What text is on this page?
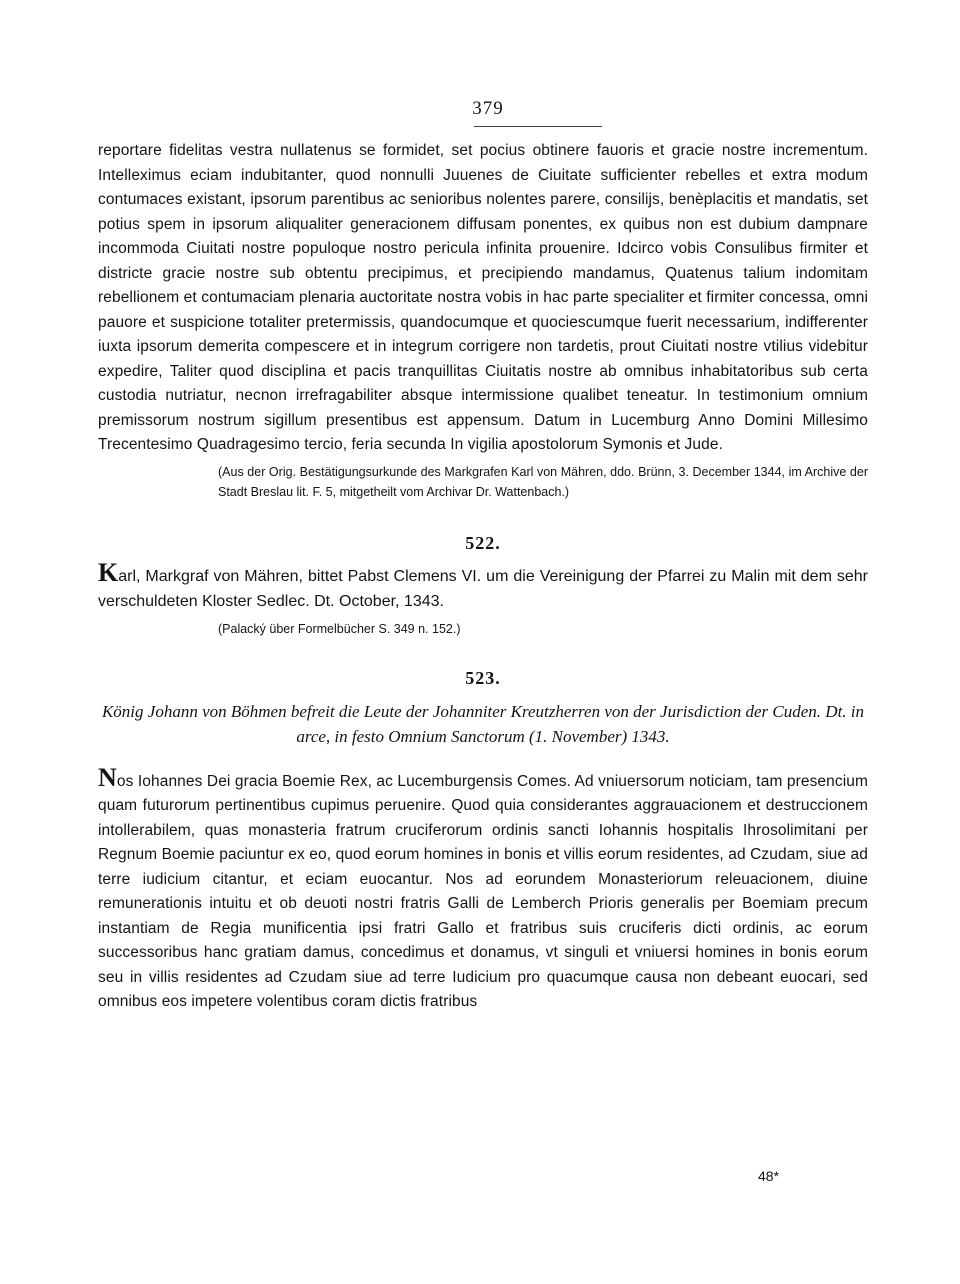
379

reportare fidelitas vestra nullatenus se formidet, set pocius obtinere fauoris et gracie nostre incrementum. Intelleximus eciam indubitanter, quod nonnulli Juuenes de Ciuitate sufficienter rebelles et extra modum contumaces existant, ipsorum parentibus ac senioribus nolentes parere, consilijs, benèplacitis et mandatis, set potius spem in ipsorum aliqualiter generacionem diffusam ponentes, ex quibus non est dubium dampnare incommoda Ciuitati nostre populoque nostro pericula infinita prouenire. Idcirco vobis Consulibus firmiter et districte gracie nostre sub obtentu precipimus, et precipiendo mandamus, Quatenus talium indomitam rebellionem et contumaciam plenaria auctoritate nostra vobis in hac parte specialiter et firmiter concessa, omni pauore et suspicione totaliter pretermissis, quandocumque et quociescumque fuerit necessarium, indifferenter iuxta ipsorum demerita compescere et in integrum corrigere non tardetis, prout Ciuitati nostre vtilius videbitur expedire, Taliter quod disciplina et pacis tranquillitas Ciuitatis nostre ab omnibus inhabitatoribus sub certa custodia nutriatur, necnon irrefragabiliter absque intermissione qualibet teneatur. In testimonium omnium premissorum nostrum sigillum presentibus est appensum. Datum in Lucemburg Anno Domini Millesimo Trecentesimo Quadragesimo tercio, feria secunda In vigilia apostolorum Symonis et Jude.

(Aus der Orig. Bestätigungsurkunde des Markgrafen Karl von Mähren, ddo. Brünn, 3. December 1344, im Archive der Stadt Breslau lit. F. 5, mitgetheilt vom Archivar Dr. Wattenbach.)

522.

Karl, Markgraf von Mähren, bittet Pabst Clemens VI. um die Vereinigung der Pfarrei zu Malin mit dem sehr verschuldeten Kloster Sedlec. Dt. October, 1343.

(Palacký über Formelbücher S. 349 n. 152.)

523.

König Johann von Böhmen befreit die Leute der Johanniter Kreutzherren von der Jurisdiction der Cuden. Dt. in arce, in festo Omnium Sanctorum (1. November) 1343.

Nos Iohannes Dei gracia Boemie Rex, ac Lucemburgensis Comes. Ad vniuersorum noticiam, tam presencium quam futurorum pertinentibus cupimus peruenire. Quod quia considerantes aggrauacionem et destruccionem intollerabilem, quas monasteria fratrum cruciferorum ordinis sancti Iohannis hospitalis Ihrosolimitani per Regnum Boemie paciuntur ex eo, quod eorum homines in bonis et villis eorum residentes, ad Czudam, siue ad terre iudicium citantur, et eciam euocantur. Nos ad eorundem Monasteriorum releuacionem, diuine remunerationis intuitu et ob deuoti nostri fratris Galli de Lemberch Prioris generalis per Boemiam precum instantiam de Regia munificentia ipsi fratri Gallo et fratribus suis cruciferis dicti ordinis, ac eorum successoribus hanc gratiam damus, concedimus et donamus, vt singuli et vniuersi homines in bonis eorum seu in villis residentes ad Czudam siue ad terre Iudicium pro quacumque causa non debeant euocari, sed omnibus eos impetere volentibus coram dictis fratribus

48*
